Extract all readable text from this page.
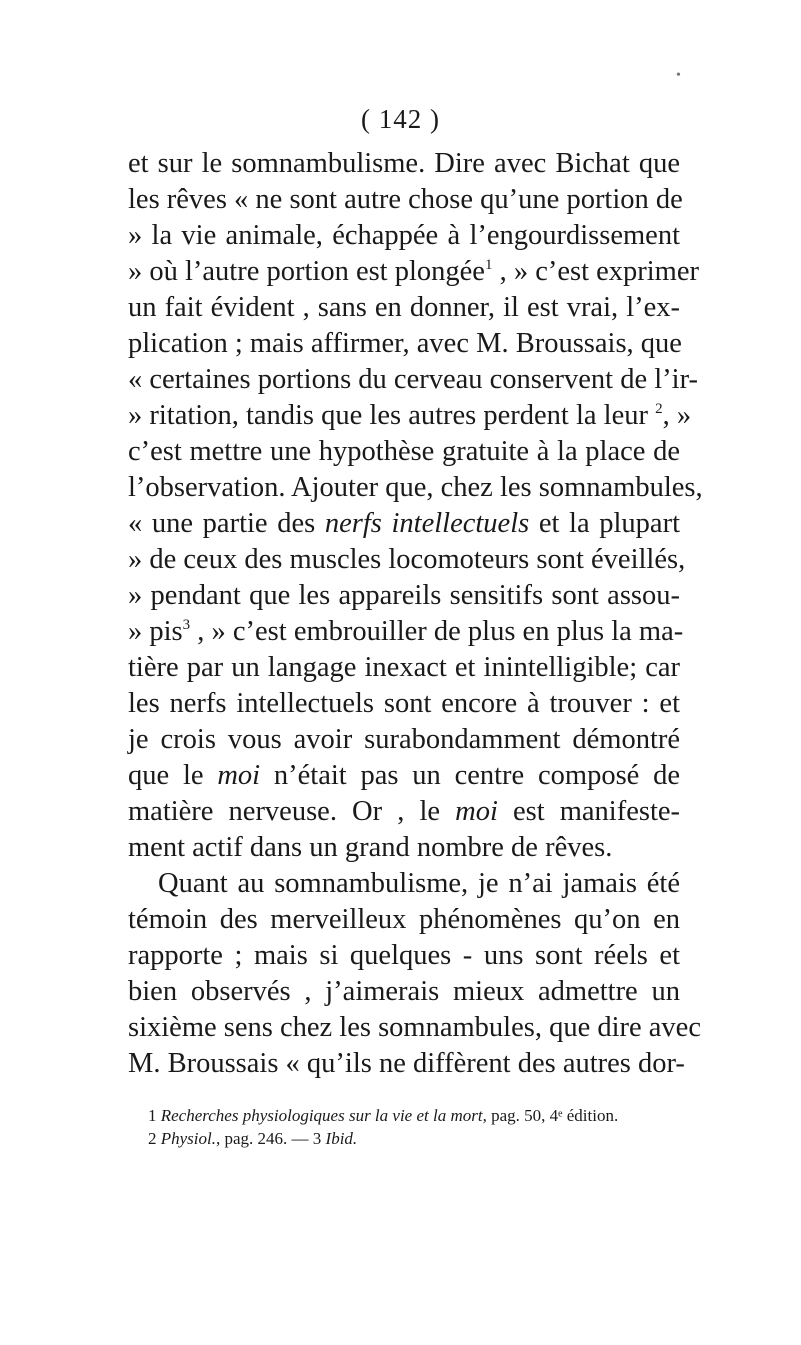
•
( 142 )
et sur le somnambulisme. Dire avec Bichat que
les rêves « ne sont autre chose qu’une portion de
» la vie animale, échappée à l’engourdissement
» où l’autre portion est plongée$^1$ , » c’est exprimer
un fait évident , sans en donner, il est vrai, l’ex-
plication ; mais affirmer, avec M. Broussais, que
« certaines portions du cerveau conservent de l’ir-
» ritation, tandis que les autres perdent la leur $^2$, »
c’est mettre une hypothèse gratuite à la place de
l’observation. Ajouter que, chez les somnambules,
« une partie des nerfs intellectuels et la plupart
» de ceux des muscles locomoteurs sont éveillés,
» pendant que les appareils sensitifs sont assou-
» pis$^3$ , » c’est embrouiller de plus en plus la ma-
tière par un langage inexact et inintelligible; car
les nerfs intellectuels sont encore à trouver : et
je crois vous avoir surabondamment démontré
que le moi n’était pas un centre composé de
matière nerveuse. Or , le moi est manifeste-
ment actif dans un grand nombre de rêves.
Quant au somnambulisme, je n’ai jamais été
témoin des merveilleux phénomènes qu’on en
rapporte ; mais si quelques - uns sont réels et
bien observés , j’aimerais mieux admettre un
sixième sens chez les somnambules, que dire avec
M. Broussais « qu’ils ne diffèrent des autres dor-
1 Recherches physiologiques sur la vie et la mort, pag. 50, 4ᵉ édition.
2 Physiol., pag. 246. — 3 Ibid.
